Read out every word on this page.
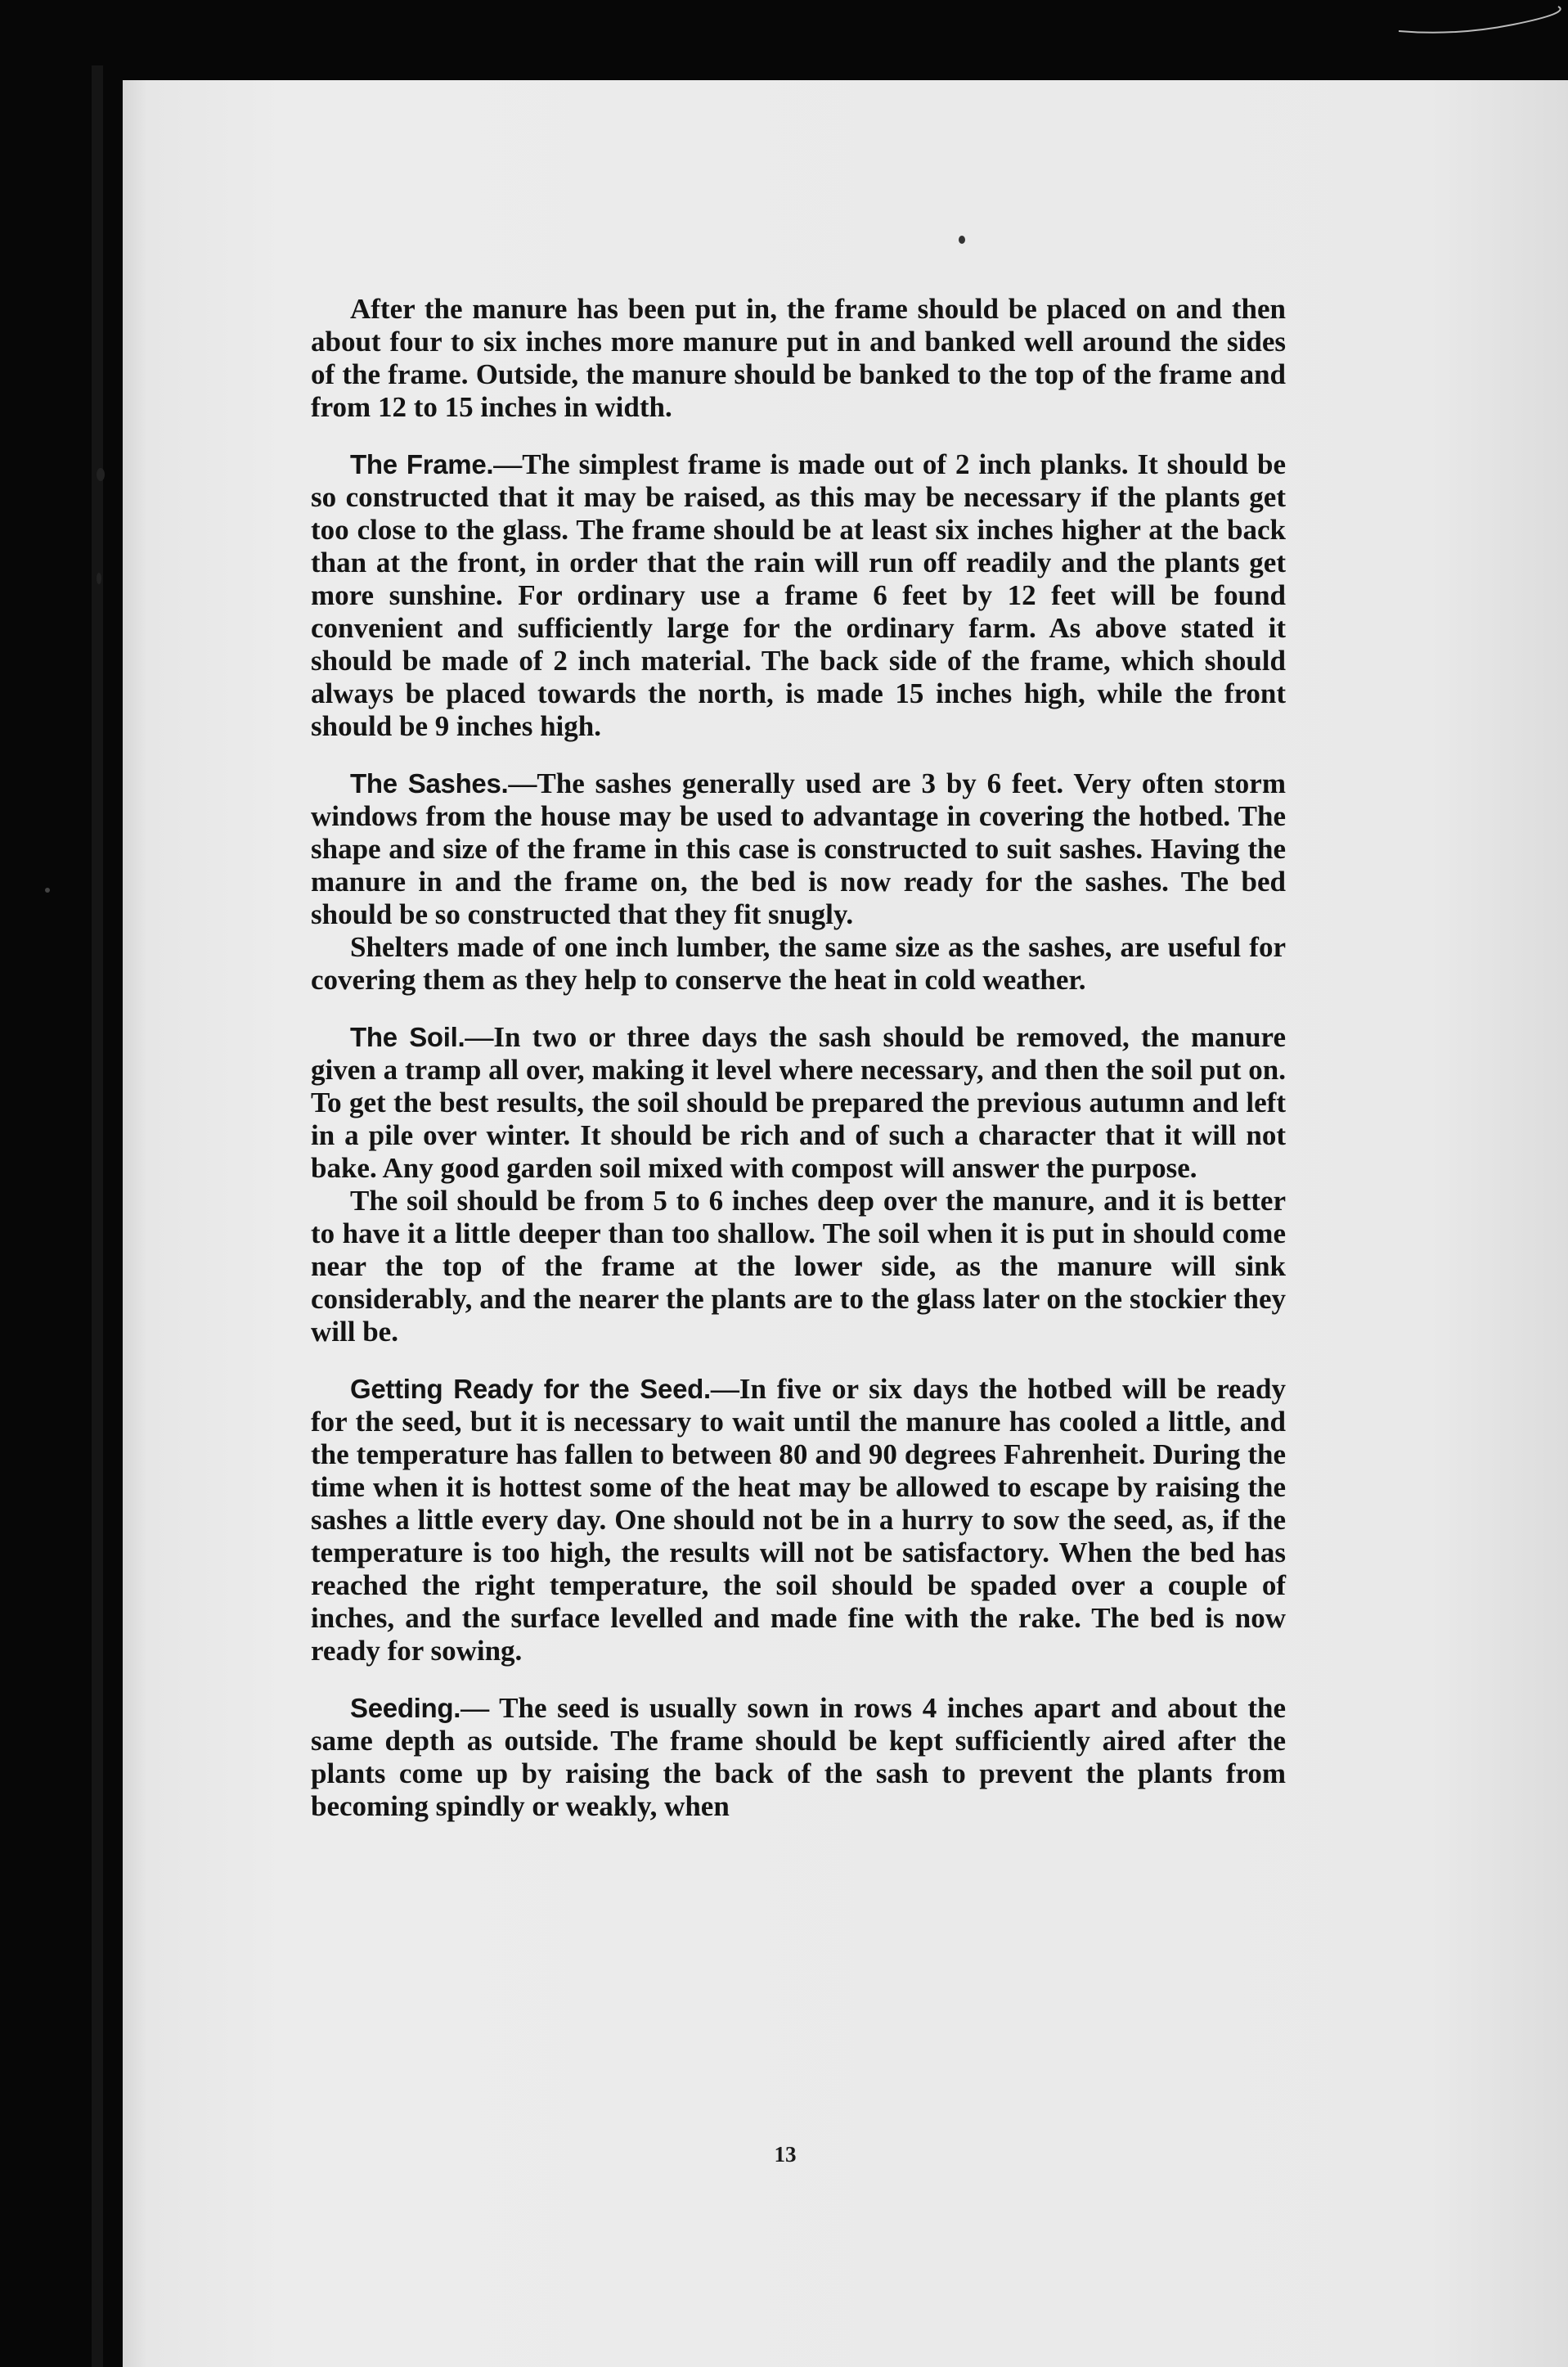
After the manure has been put in, the frame should be placed on and then about four to six inches more manure put in and banked well around the sides of the frame. Outside, the manure should be banked to the top of the frame and from 12 to 15 inches in width.

The Frame.—The simplest frame is made out of 2 inch planks. It should be so constructed that it may be raised, as this may be necessary if the plants get too close to the glass. The frame should be at least six inches higher at the back than at the front, in order that the rain will run off readily and the plants get more sunshine. For ordinary use a frame 6 feet by 12 feet will be found convenient and sufficiently large for the ordinary farm. As above stated it should be made of 2 inch material. The back side of the frame, which should always be placed towards the north, is made 15 inches high, while the front should be 9 inches high.

The Sashes.—The sashes generally used are 3 by 6 feet. Very often storm windows from the house may be used to advantage in covering the hotbed. The shape and size of the frame in this case is constructed to suit sashes. Having the manure in and the frame on, the bed is now ready for the sashes. The bed should be so constructed that they fit snugly.

Shelters made of one inch lumber, the same size as the sashes, are useful for covering them as they help to conserve the heat in cold weather.

The Soil.—In two or three days the sash should be removed, the manure given a tramp all over, making it level where necessary, and then the soil put on. To get the best results, the soil should be prepared the previous autumn and left in a pile over winter. It should be rich and of such a character that it will not bake. Any good garden soil mixed with compost will answer the purpose.

The soil should be from 5 to 6 inches deep over the manure, and it is better to have it a little deeper than too shallow. The soil when it is put in should come near the top of the frame at the lower side, as the manure will sink considerably, and the nearer the plants are to the glass later on the stockier they will be.

Getting Ready for the Seed.—In five or six days the hotbed will be ready for the seed, but it is necessary to wait until the manure has cooled a little, and the temperature has fallen to between 80 and 90 degrees Fahrenheit. During the time when it is hottest some of the heat may be allowed to escape by raising the sashes a little every day. One should not be in a hurry to sow the seed, as, if the temperature is too high, the results will not be satisfactory. When the bed has reached the right temperature, the soil should be spaded over a couple of inches, and the surface levelled and made fine with the rake. The bed is now ready for sowing.

Seeding.— The seed is usually sown in rows 4 inches apart and about the same depth as outside. The frame should be kept sufficiently aired after the plants come up by raising the back of the sash to prevent the plants from becoming spindly or weakly, when

13
